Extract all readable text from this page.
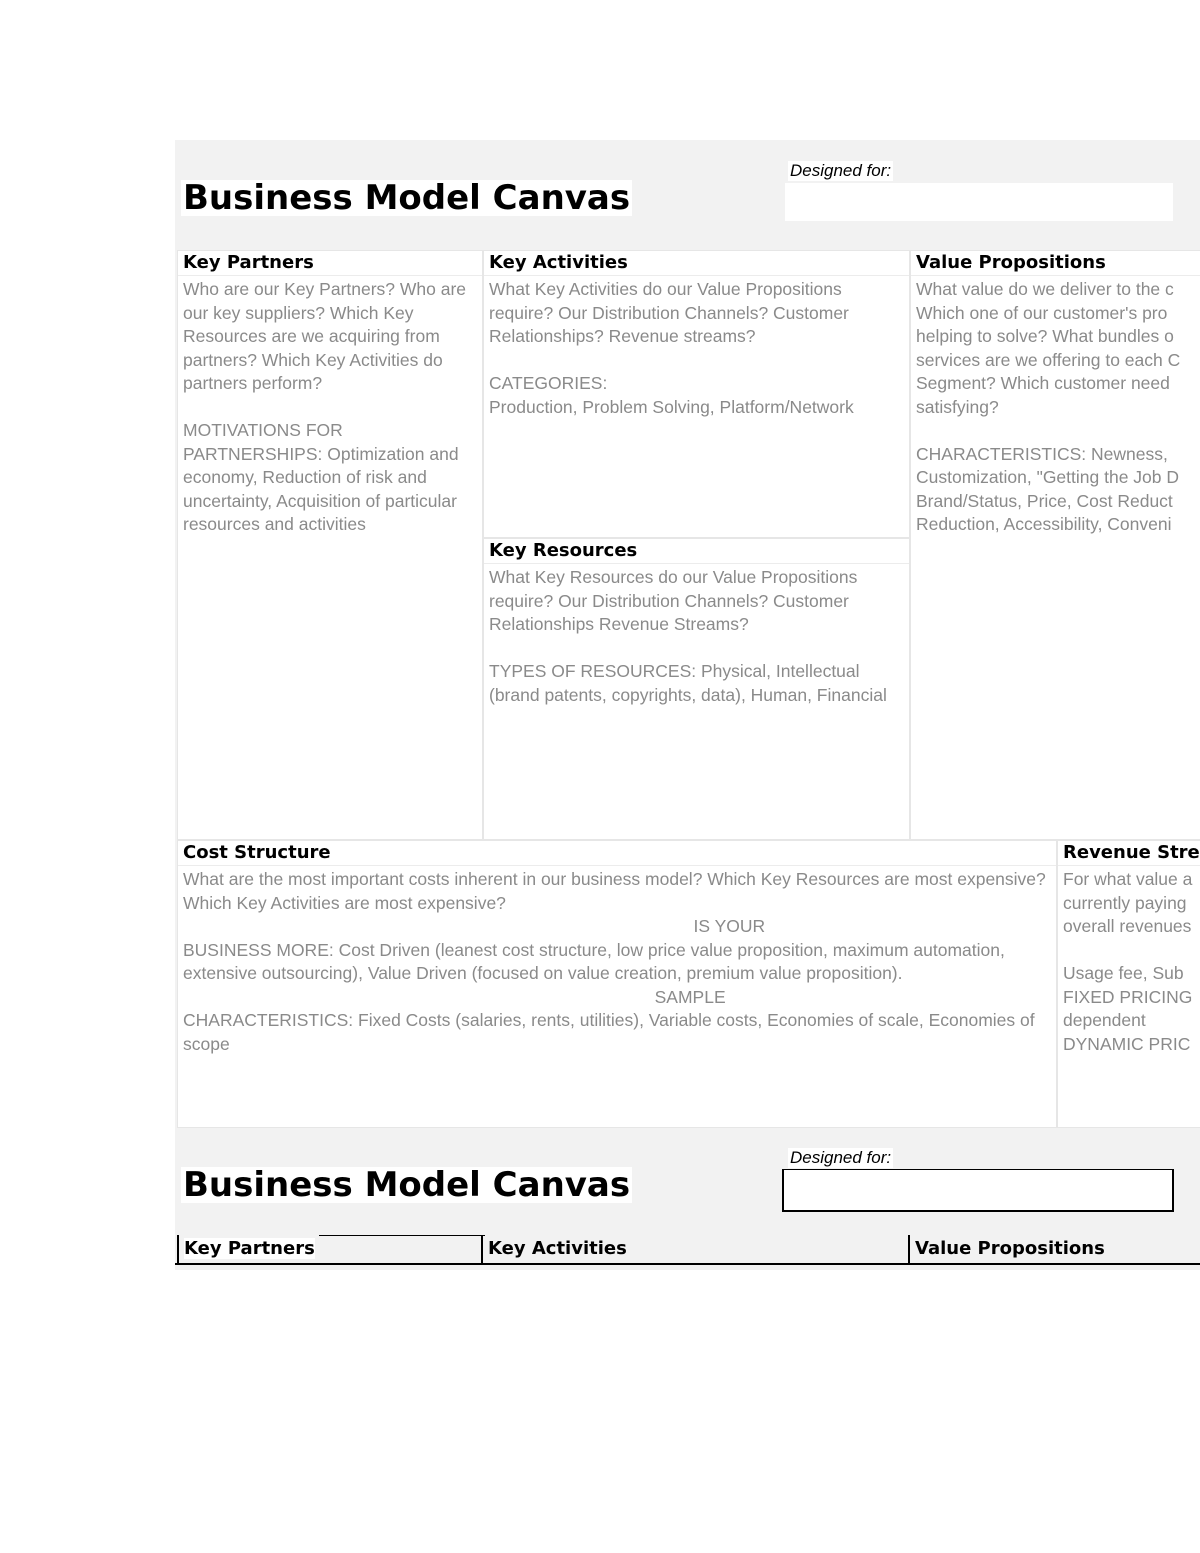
Business Model Canvas
Designed for:
Key Partners
Who are our Key Partners? Who are our key suppliers? Which Key Resources are we acquiring from partners? Which Key Activities do partners perform?

MOTIVATIONS FOR PARTNERSHIPS: Optimization and economy, Reduction of risk and uncertainty, Acquisition of particular resources and activities
Key Activities
What Key Activities do our Value Propositions require? Our Distribution Channels? Customer Relationships? Revenue streams?

CATEGORIES:
Production, Problem Solving, Platform/Network
Key Resources
What Key Resources do our Value Propositions require? Our Distribution Channels? Customer Relationships Revenue Streams?

TYPES OF RESOURCES: Physical, Intellectual (brand patents, copyrights, data), Human, Financial
Value Propositions
What value do we deliver to the c
Which one of our customer's pro
helping to solve? What bundles o
services are we offering to each C
Segment? Which customer need
satisfying?

CHARACTERISTICS: Newness,
Customization, "Getting the Job D
Brand/Status, Price, Cost Reduct
Reduction, Accessibility, Conveni
Cost Structure
What are the most important costs inherent in our business model? Which Key Resources are most expensive? Which Key Activities are most expensive?
IS YOUR
BUSINESS MORE: Cost Driven (leanest cost structure, low price value proposition, maximum automation, extensive outsourcing), Value Driven (focused on value creation, premium value proposition).
SAMPLE
CHARACTERISTICS: Fixed Costs (salaries, rents, utilities), Variable costs, Economies of scale, Economies of scope
Revenue Stre
For what value a
currently paying
overall revenues

Usage fee, Sub
FIXED PRICING
dependent
DYNAMIC PRIC
Business Model Canvas
Designed for:
Key Partners	Key Activities	Value Propositions
